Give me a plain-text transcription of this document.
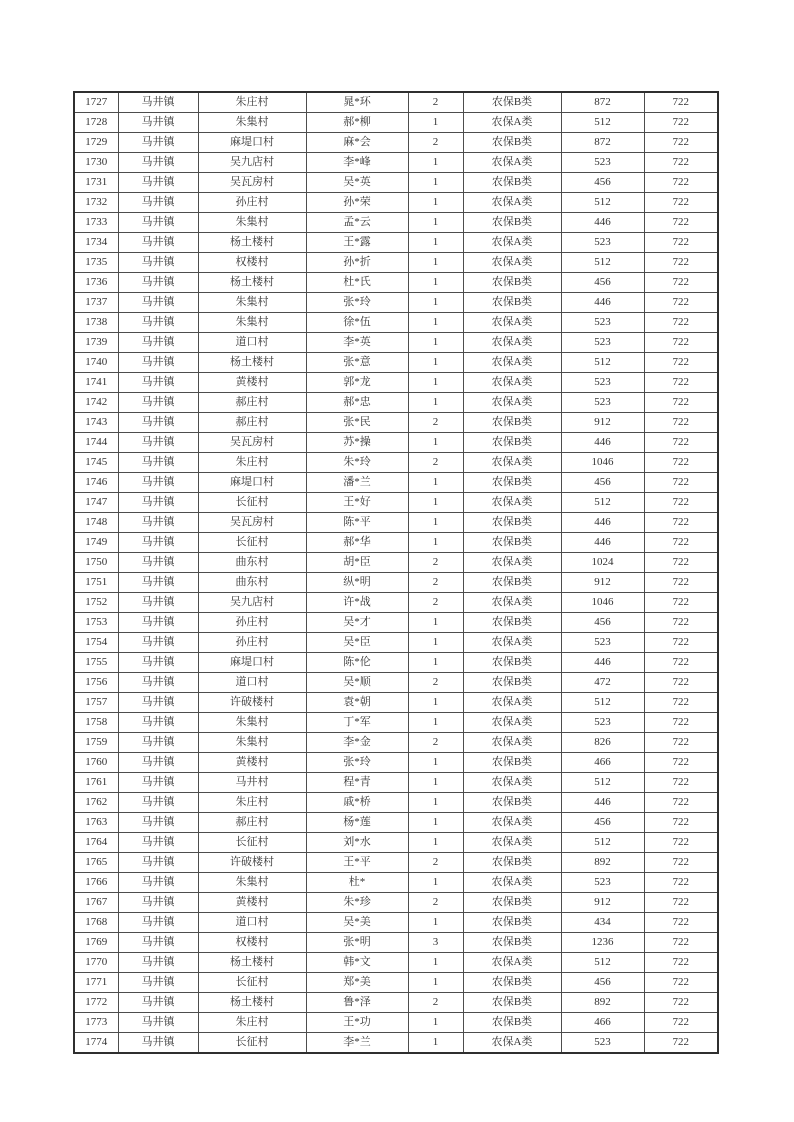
1727	马井镇	朱庄村	晁*环	2	农保B类	872	722
1728	马井镇	朱集村	郝*柳	1	农保A类	512	722
1729	马井镇	麻堤口村	麻*会	2	农保B类	872	722
1730	马井镇	吴九店村	李*峰	1	农保A类	523	722
1731	马井镇	吴瓦房村	吴*英	1	农保B类	456	722
1732	马井镇	孙庄村	孙*荣	1	农保A类	512	722
1733	马井镇	朱集村	孟*云	1	农保B类	446	722
1734	马井镇	杨土楼村	王*露	1	农保A类	523	722
1735	马井镇	权楼村	孙*折	1	农保A类	512	722
1736	马井镇	杨土楼村	杜*氏	1	农保B类	456	722
1737	马井镇	朱集村	张*玲	1	农保B类	446	722
1738	马井镇	朱集村	徐*伍	1	农保A类	523	722
1739	马井镇	道口村	李*英	1	农保A类	523	722
1740	马井镇	杨土楼村	张*意	1	农保A类	512	722
1741	马井镇	黄楼村	郭*龙	1	农保A类	523	722
1742	马井镇	郝庄村	郝*忠	1	农保A类	523	722
1743	马井镇	郝庄村	张*民	2	农保B类	912	722
1744	马井镇	吴瓦房村	苏*操	1	农保B类	446	722
1745	马井镇	朱庄村	朱*玲	2	农保A类	1046	722
1746	马井镇	麻堤口村	潘*兰	1	农保B类	456	722
1747	马井镇	长征村	王*好	1	农保A类	512	722
1748	马井镇	吴瓦房村	陈*平	1	农保B类	446	722
1749	马井镇	长征村	郝*华	1	农保B类	446	722
1750	马井镇	曲东村	胡*臣	2	农保A类	1024	722
1751	马井镇	曲东村	纵*明	2	农保B类	912	722
1752	马井镇	吴九店村	许*战	2	农保A类	1046	722
1753	马井镇	孙庄村	吴*才	1	农保B类	456	722
1754	马井镇	孙庄村	吴*臣	1	农保A类	523	722
1755	马井镇	麻堤口村	陈*伦	1	农保B类	446	722
1756	马井镇	道口村	吴*顺	2	农保B类	472	722
1757	马井镇	许破楼村	袁*朝	1	农保A类	512	722
1758	马井镇	朱集村	丁*军	1	农保A类	523	722
1759	马井镇	朱集村	李*金	2	农保A类	826	722
1760	马井镇	黄楼村	张*玲	1	农保B类	466	722
1761	马井镇	马井村	程*青	1	农保A类	512	722
1762	马井镇	朱庄村	戚*桥	1	农保B类	446	722
1763	马井镇	郝庄村	杨*莲	1	农保A类	456	722
1764	马井镇	长征村	刘*水	1	农保A类	512	722
1765	马井镇	许破楼村	王*平	2	农保B类	892	722
1766	马井镇	朱集村	杜*	1	农保A类	523	722
1767	马井镇	黄楼村	朱*珍	2	农保B类	912	722
1768	马井镇	道口村	吴*美	1	农保B类	434	722
1769	马井镇	权楼村	张*明	3	农保B类	1236	722
1770	马井镇	杨土楼村	韩*文	1	农保A类	512	722
1771	马井镇	长征村	郑*美	1	农保B类	456	722
1772	马井镇	杨土楼村	鲁*泽	2	农保B类	892	722
1773	马井镇	朱庄村	王*功	1	农保B类	466	722
1774	马井镇	长征村	李*兰	1	农保A类	523	722
